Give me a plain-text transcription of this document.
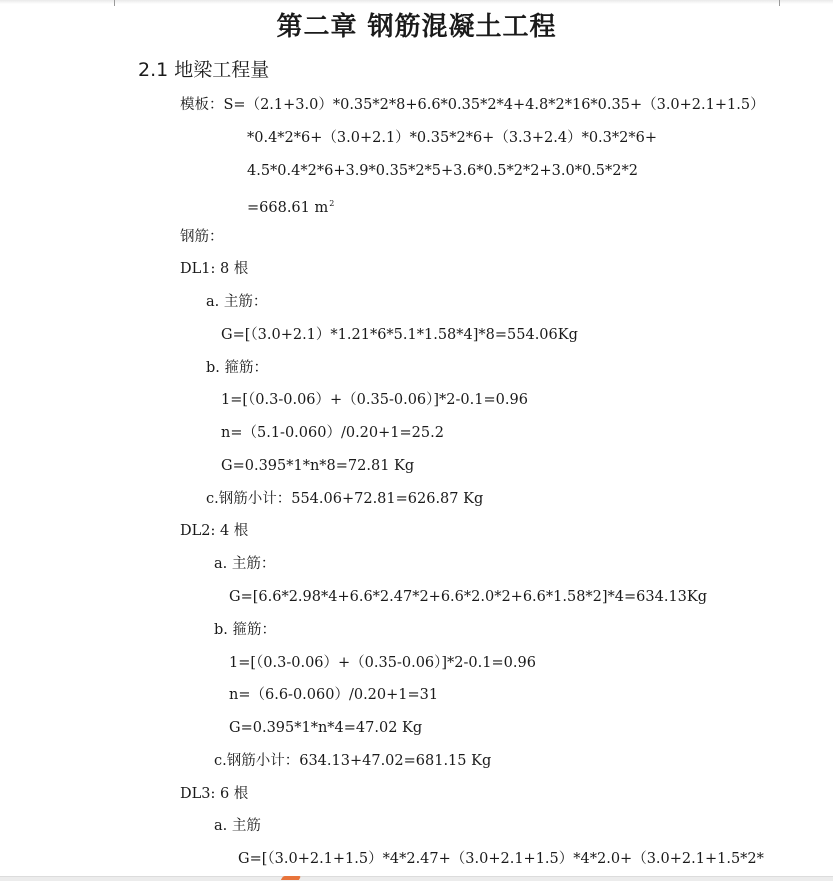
第二章 钢筋混凝土工程
2.1 地梁工程量
模板：S=（2.1+3.0）*0.35*2*8+6.6*0.35*2*4+4.8*2*16*0.35+（3.0+2.1+1.5）
*0.4*2*6+（3.0+2.1）*0.35*2*6+（3.3+2.4）*0.3*2*6+
4.5*0.4*2*6+3.9*0.35*2*5+3.6*0.5*2*2+3.0*0.5*2*2
=668.61 $m^2$
钢筋：
DL1: 8 根
a. 主筋：
G=[（3.0+2.1）*1.21*6*5.1*1.58*4]*8=554.06Kg
b. 箍筋：
1=[（0.3-0.06）+（0.35-0.06）]*2-0.1=0.96
n=（5.1-0.060）/0.20+1=25.2
G=0.395*1*n*8=72.81 Kg
c.钢筋小计：554.06+72.81=626.87 Kg
DL2: 4 根
a. 主筋：
G=[6.6*2.98*4+6.6*2.47*2+6.6*2.0*2+6.6*1.58*2]*4=634.13Kg
b. 箍筋：
1=[（0.3-0.06）+（0.35-0.06）]*2-0.1=0.96
n=（6.6-0.060）/0.20+1=31
G=0.395*1*n*4=47.02 Kg
c.钢筋小计：634.13+47.02=681.15 Kg
DL3: 6 根
a. 主筋
G=[（3.0+2.1+1.5）*4*2.47+（3.0+2.1+1.5）*4*2.0+（3.0+2.1+1.5*2*
